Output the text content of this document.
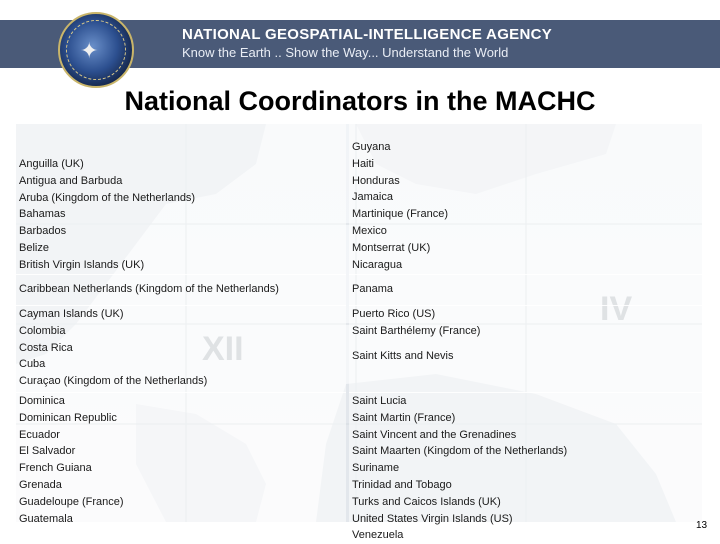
✦
NATIONAL GEOSPATIAL-INTELLIGENCE AGENCY
Know the Earth .. Show the Way... Understand the World
National Coordinators in the MACHC
Anguilla (UK)
Antigua and Barbuda
Aruba (Kingdom of the Netherlands)
Bahamas
Barbados
Belize
British Virgin Islands (UK)
Caribbean Netherlands (Kingdom of the Netherlands)
Cayman Islands (UK)
Colombia
Costa Rica
Cuba
Curaçao (Kingdom of the Netherlands)
Dominica
Dominican Republic
Ecuador
El Salvador
French Guiana
Grenada
Guadeloupe (France)
Guatemala
Guyana
Haiti
Honduras
Jamaica
Martinique (France)
Mexico
Montserrat (UK)
Nicaragua
Panama
Puerto Rico (US)
Saint Barthélemy (France)
Saint Kitts and Nevis
Saint Lucia
Saint Martin (France)
Saint Vincent and the Grenadines
Saint Maarten (Kingdom of the Netherlands)
Suriname
Trinidad and Tobago
Turks and Caicos Islands (UK)
United States Virgin Islands (US)
Venezuela
13
